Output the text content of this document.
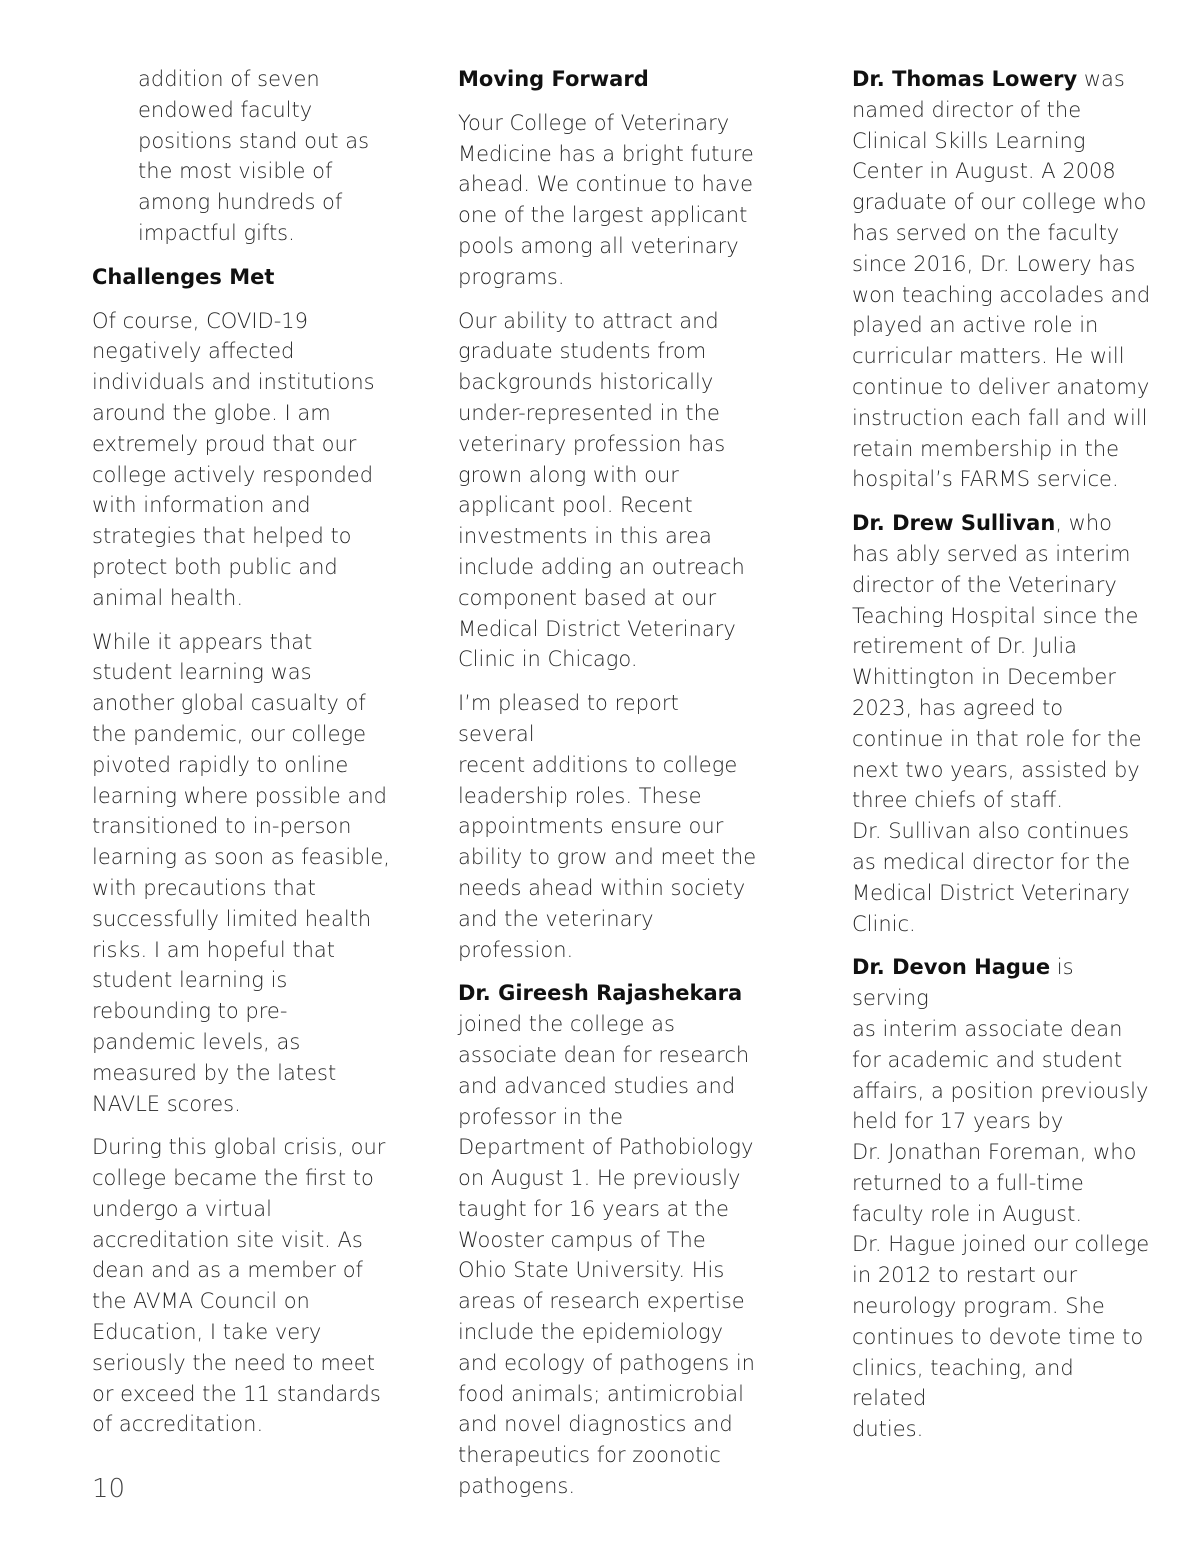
addition of seven
endowed faculty
positions stand out as
the most visible of
among hundreds of
impactful gifts.

Challenges Met

Of course, COVID-19
negatively affected
individuals and institutions
around the globe. I am
extremely proud that our
college actively responded
with information and
strategies that helped to
protect both public and
animal health.

While it appears that
student learning was
another global casualty of
the pandemic, our college
pivoted rapidly to online
learning where possible and
transitioned to in-person
learning as soon as feasible,
with precautions that
successfully limited health
risks. I am hopeful that
student learning is
rebounding to pre-
pandemic levels, as
measured by the latest
NAVLE scores.

During this global crisis, our
college became the first to
undergo a virtual
accreditation site visit. As
dean and as a member of
the AVMA Council on
Education, I take very
seriously the need to meet
or exceed the 11 standards
of accreditation.

Moving Forward

Your College of Veterinary
Medicine has a bright future
ahead. We continue to have
one of the largest applicant
pools among all veterinary
programs.

Our ability to attract and
graduate students from
backgrounds historically
under-represented in the
veterinary profession has
grown along with our
applicant pool. Recent
investments in this area
include adding an outreach
component based at our
Medical District Veterinary
Clinic in Chicago.

I’m pleased to report several
recent additions to college
leadership roles. These
appointments ensure our
ability to grow and meet the
needs ahead within society
and the veterinary
profession.

Dr. Gireesh Rajashekara

joined the college as
associate dean for research
and advanced studies and
professor in the
Department of Pathobiology
on August 1. He previously
taught for 16 years at the
Wooster campus of The
Ohio State University. His
areas of research expertise
include the epidemiology
and ecology of pathogens in
food animals; antimicrobial
and novel diagnostics and
therapeutics for zoonotic
pathogens.

Dr. Thomas Lowery was
named director of the
Clinical Skills Learning
Center in August. A 2008
graduate of our college who
has served on the faculty
since 2016, Dr. Lowery has
won teaching accolades and
played an active role in
curricular matters. He will
continue to deliver anatomy
instruction each fall and will
retain membership in the
hospital’s FARMS service.

Dr. Drew Sullivan, who
has ably served as interim
director of the Veterinary
Teaching Hospital since the
retirement of Dr. Julia
Whittington in December
2023, has agreed to
continue in that role for the
next two years, assisted by
three chiefs of staff.
Dr. Sullivan also continues
as medical director for the
Medical District Veterinary
Clinic.

Dr. Devon Hague is serving
as interim associate dean
for academic and student
affairs, a position previously
held for 17 years by
Dr. Jonathan Foreman, who
returned to a full-time
faculty role in August.
Dr. Hague joined our college
in 2012 to restart our
neurology program. She
continues to devote time to
clinics, teaching, and related
duties.

10
